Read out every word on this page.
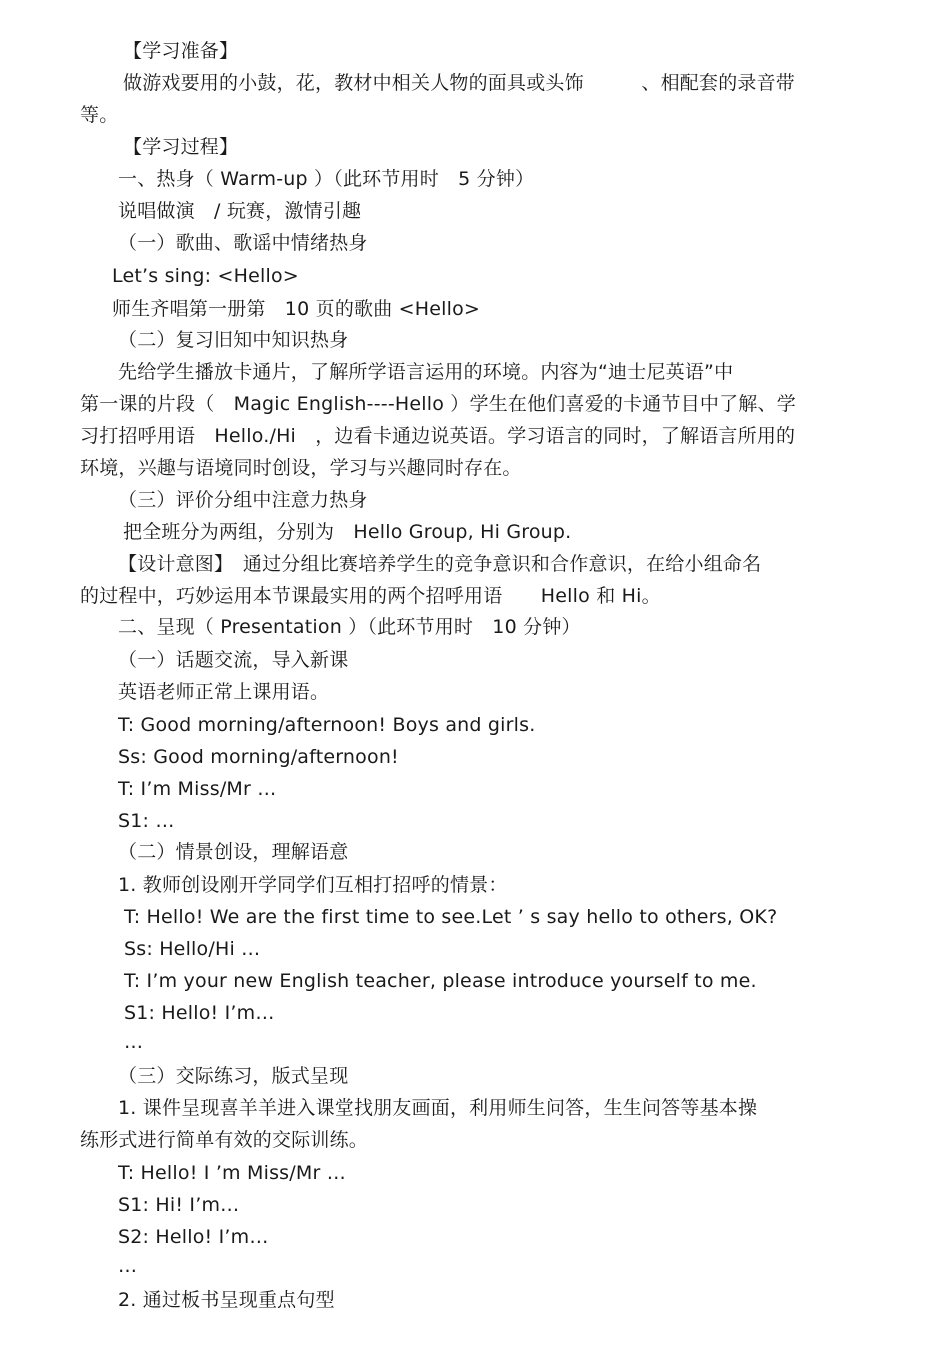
【学习准备】
做游戏要用的小鼓，花，教材中相关人物的面具或头饰　　　、相配套的录音带
等。
【学习过程】
一、热身（ Warm-up ）（此环节用时　5 分钟）
说唱做演　/ 玩赛，激情引趣
（一）歌曲、歌谣中情绪热身
Let’s sing: <Hello>
师生齐唱第一册第　10 页的歌曲 <Hello>
（二）复习旧知中知识热身
先给学生播放卡通片，了解所学语言运用的环境。内容为“迪士尼英语”中
第一课的片段（　Magic English----Hello ）学生在他们喜爱的卡通节目中了解、学
习打招呼用语　Hello./Hi　，边看卡通边说英语。学习语言的同时，了解语言所用的
环境，兴趣与语境同时创设，学习与兴趣同时存在。
（三）评价分组中注意力热身
把全班分为两组，分别为　Hello Group, Hi Group.
【设计意图】　通过分组比赛培养学生的竞争意识和合作意识，在给小组命名
的过程中，巧妙运用本节课最实用的两个招呼用语　　Hello 和 Hi。
二、呈现（ Presentation ）（此环节用时　10 分钟）
（一）话题交流，导入新课
英语老师正常上课用语。
T: Good morning/afternoon! Boys and girls.
Ss: Good morning/afternoon!
T: I’m Miss/Mr …
S1: …
（二）情景创设，理解语意
1. 教师创设刚开学同学们互相打招呼的情景：
T: Hello! We are the first time to see.Let ’ s say hello to others, OK?
Ss: Hello/Hi …
T: I’m your new English teacher, please introduce yourself to me.
S1: Hello! I’m…
…
（三）交际练习，版式呈现
1. 课件呈现喜羊羊进入课堂找朋友画面，利用师生问答，生生问答等基本操
练形式进行简单有效的交际训练。
T: Hello! I ’m Miss/Mr …
S1: Hi! I’m…
S2: Hello! I’m…
…
2. 通过板书呈现重点句型
